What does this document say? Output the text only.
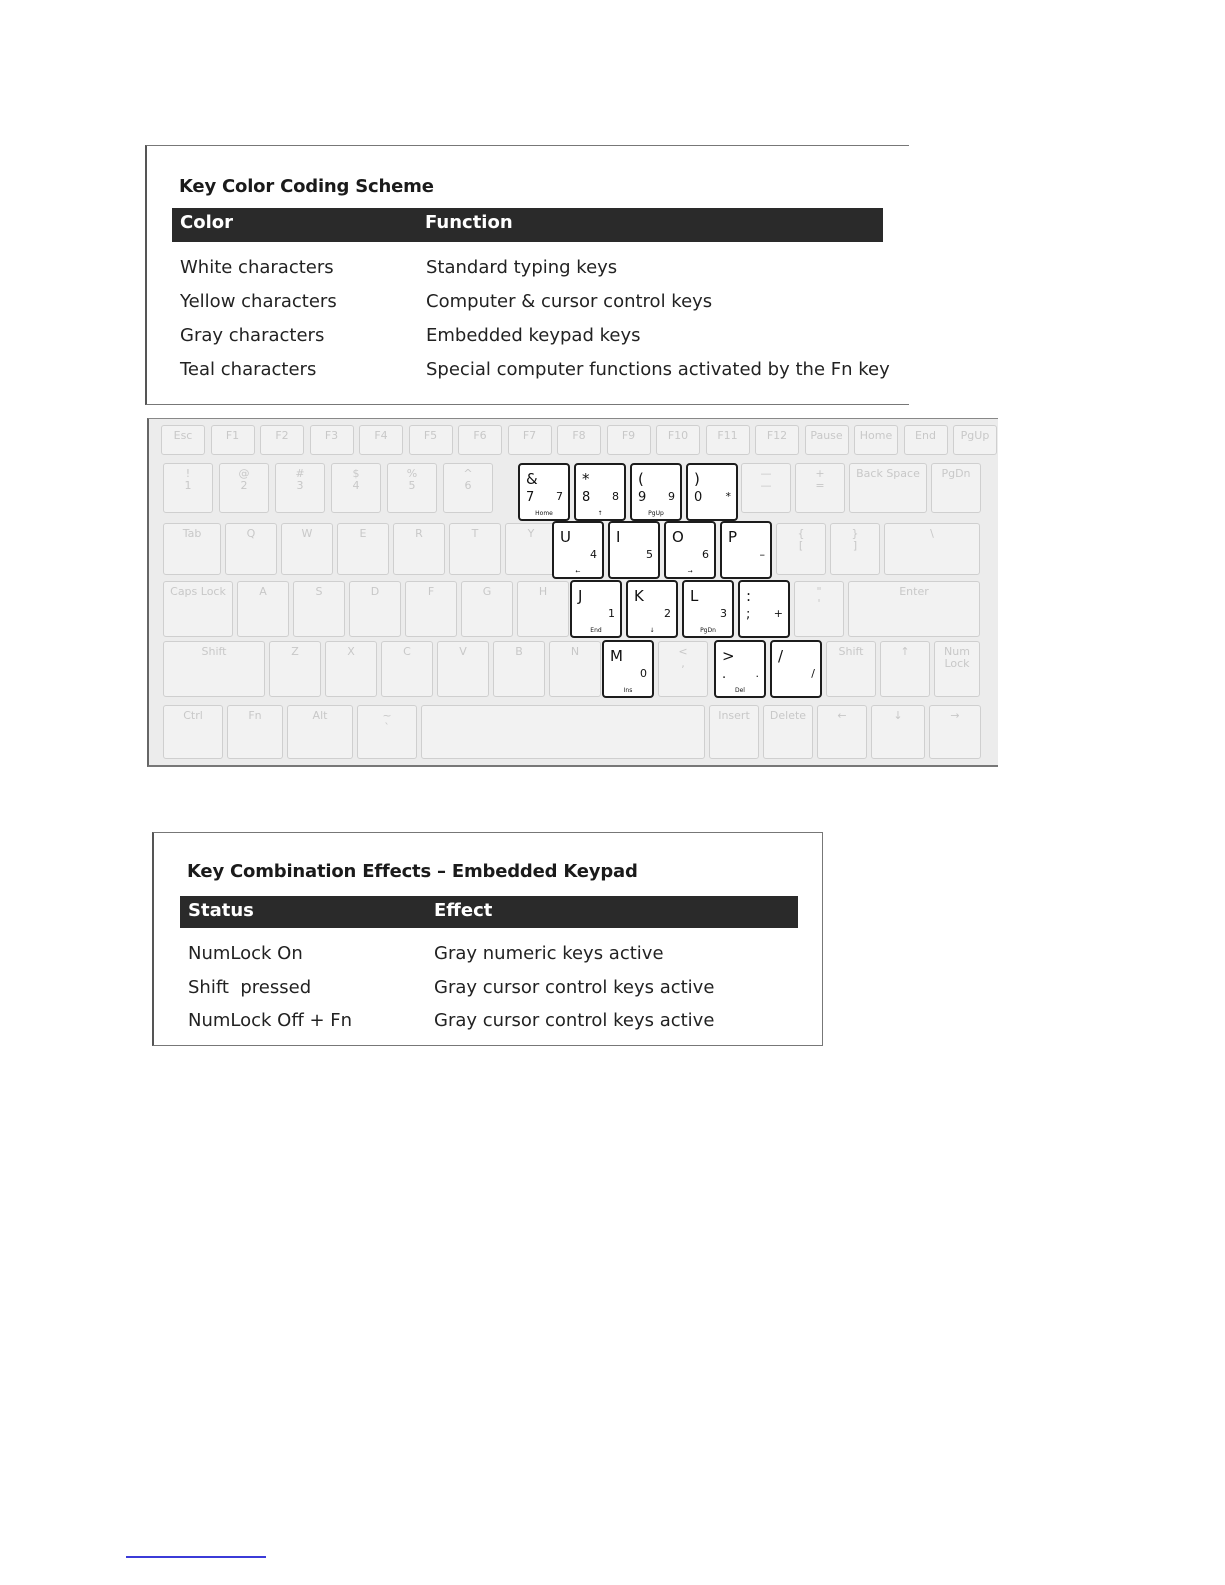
Key Color Coding Scheme
Color	Function
White characters	Standard typing keys
Yellow characters	Computer & cursor control keys
Gray characters	Embedded keypad keys
Teal characters	Special computer functions activated by the Fn key
Esc	F1	F2	F3	F4	F5	F6	F7	F8	F9	F10	F11	F12	Pause	Home	End	PgUp
!
1
@
2
#
3
$
4
%
5
^
6	&
7 7
Home
*
8 8
↑
(
9 9
PgUp
)
0 *
—
—
+
=
Back Space	PgDn
Tab	Q	W	E	R	T	Y	U
4
←
I
5
O
6
→
P
–
{
[
}
]
\
Caps Lock	A	S	D	F	G	H	J
1
End
K
2
↓
L
3
PgDn
:
; +
"
'
Enter
Shift	Z	X	C	V	B	N	M
0
Ins
<
,	>
.	.
Del
/
/
Shift	↑	Num Lock
Ctrl	Fn	Alt	~
`
Insert	Delete	←	↓	→
Key Combination Effects – Embedded Keypad
Status	Effect
NumLock On	Gray numeric keys active
Shift  pressed	Gray cursor control keys active
NumLock Off + Fn	Gray cursor control keys active
